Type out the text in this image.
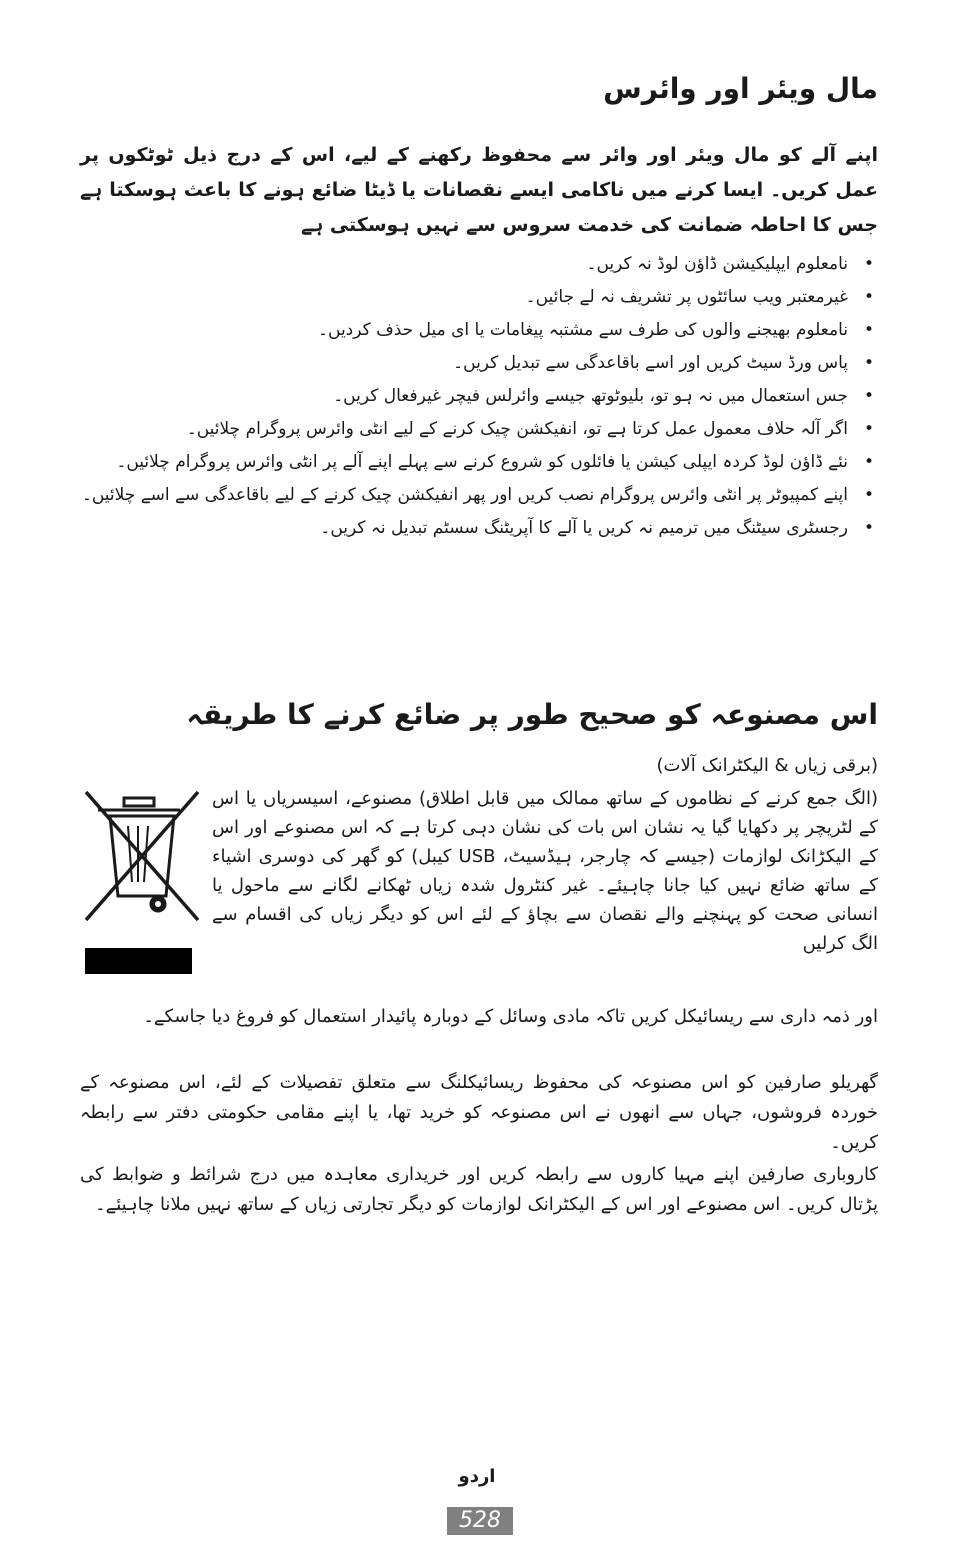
مال ویئر اور وائرس
اپنے آلے کو مال ویئر اور وائر سے محفوظ رکھنے کے لیے، اس کے درج ذیل ٹوٹکوں پر عمل کریں۔ ایسا کرنے میں ناکامی ایسے نقصانات یا ڈیٹا ضائع ہونے کا باعث ہوسکتا ہے جس کا احاطہ ضمانت کی خدمت سروس سے نہیں ہوسکتی ہے
• نامعلوم ایپلیکیشن ڈاؤن لوڈ نہ کریں۔
• غیرمعتبر ویب سائٹوں پر تشریف نہ لے جائیں۔
• نامعلوم بھیجنے والوں کی طرف سے مشتبہ پیغامات یا ای میل حذف کردیں۔
• پاس ورڈ سیٹ کریں اور اسے باقاعدگی سے تبدیل کریں۔
• جس استعمال میں نہ ہو تو، بلیوٹوتھ جیسے وائرلس فیچر غیرفعال کریں۔
• اگر آلہ حلاف معمول عمل کرتا ہے تو، انفیکشن چیک کرنے کے لیے انٹی وائرس پروگرام چلائیں۔
• نئے ڈاؤن لوڈ کردہ ایپلی کیشن یا فائلوں کو شروع کرنے سے پہلے اپنے آلے پر انٹی وائرس پروگرام چلائیں۔
• اپنے کمپیوٹر پر انٹی وائرس پروگرام نصب کریں اور پھر انفیکشن چیک کرنے کے لیے باقاعدگی سے اسے چلائیں۔
• رجسٹری سیٹنگ میں ترمیم نہ کریں یا آلے کا آپریٹنگ سسٹم تبدیل نہ کریں۔
اس مصنوعہ کو صحیح طور پر ضائع کرنے کا طریقہ
(برقی زیاں & الیکٹرانک آلات)
(الگ جمع کرنے کے نظاموں کے ساتھ ممالک میں قابل اطلاق) مصنوعے، اسیسریاں یا اس کے لٹریچر پر دکھایا گیا یہ نشان اس بات کی نشان دہی کرتا ہے کہ اس مصنوعے اور اس کے الیکڑانک لوازمات (جیسے کہ چارجر، ہیڈسیٹ، USB کیبل) کو گھر کی دوسری اشیاء کے ساتھ ضائع نہیں کیا جانا چاہیئے۔ غیر کنٹرول شدہ زیاں ٹھکانے لگانے سے ماحول یا انسانی صحت کو پہنچنے والے نقصان سے بچاؤ کے لئے اس کو دیگر زیاں کی اقسام سے الگ کرلیں
اور ذمہ داری سے ریسائیکل کریں تاکہ مادی وسائل کے دوبارہ پائیدار استعمال کو فروغ دیا جاسکے۔
گھریلو صارفین کو اس مصنوعہ کی محفوظ ریسائیکلنگ سے متعلق تفصیلات کے لئے، اس مصنوعہ کے خوردہ فروشوں، جہاں سے انھوں نے اس مصنوعہ کو خرید تھا، یا اپنے مقامی حکومتی دفتر سے رابطہ کریں۔
کاروباری صارفین اپنے مہیا کاروں سے رابطہ کریں اور خریداری معاہدہ میں درج شرائط و ضوابط کی پڑتال کریں۔ اس مصنوعے اور اس کے الیکٹرانک لوازمات کو دیگر تجارتی زیاں کے ساتھ نہیں ملانا چاہیئے۔
اردو
528
